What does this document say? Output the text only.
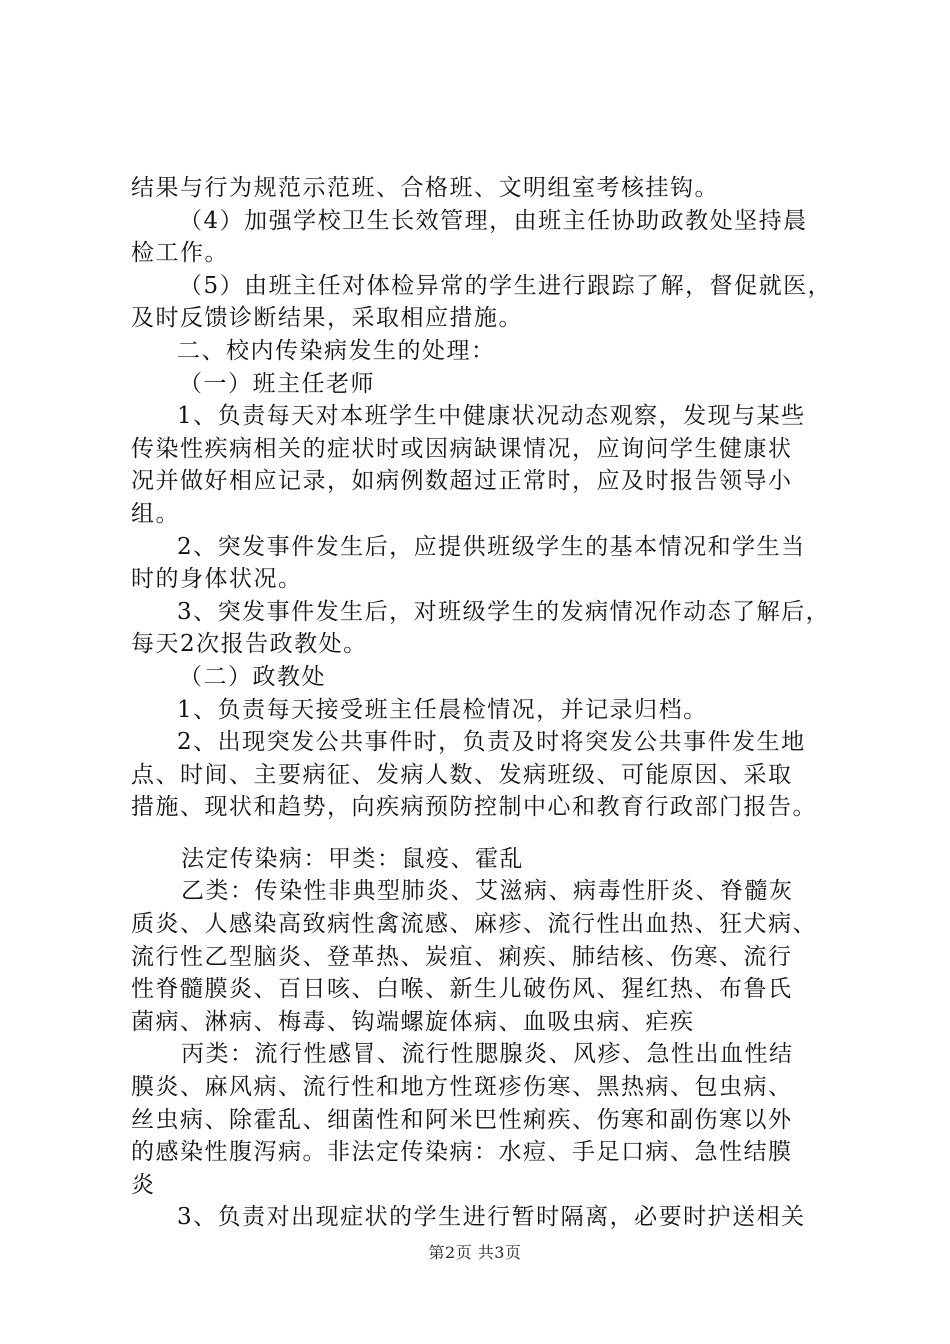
结果与行为规范示范班、合格班、文明组室考核挂钩。
（4）加强学校卫生长效管理，由班主任协助政教处坚持晨
检工作。
（5）由班主任对体检异常的学生进行跟踪了解，督促就医，
及时反馈诊断结果，采取相应措施。
二、校内传染病发生的处理：
（一）班主任老师
1、负责每天对本班学生中健康状况动态观察，发现与某些
传染性疾病相关的症状时或因病缺课情况，应询问学生健康状
况并做好相应记录，如病例数超过正常时，应及时报告领导小
组。
2、突发事件发生后，应提供班级学生的基本情况和学生当
时的身体状况。
3、突发事件发生后，对班级学生的发病情况作动态了解后，
每天2次报告政教处。
（二）政教处
1、负责每天接受班主任晨检情况，并记录归档。
2、出现突发公共事件时，负责及时将突发公共事件发生地
点、时间、主要病征、发病人数、发病班级、可能原因、采取
措施、现状和趋势，向疾病预防控制中心和教育行政部门报告。
法定传染病：甲类：鼠疫、霍乱
乙类：传染性非典型肺炎、艾滋病、病毒性肝炎、脊髓灰
质炎、人感染高致病性禽流感、麻疹、流行性出血热、狂犬病、
流行性乙型脑炎、登革热、炭疽、痢疾、肺结核、伤寒、流行
性脊髓膜炎、百日咳、白喉、新生儿破伤风、猩红热、布鲁氏
菌病、淋病、梅毒、钩端螺旋体病、血吸虫病、疟疾
丙类：流行性感冒、流行性腮腺炎、风疹、急性出血性结
膜炎、麻风病、流行性和地方性斑疹伤寒、黑热病、包虫病、
丝虫病、除霍乱、细菌性和阿米巴性痢疾、伤寒和副伤寒以外
的感染性腹泻病。非法定传染病：水痘、手足口病、急性结膜
炎
3、负责对出现症状的学生进行暂时隔离，必要时护送相关
第2页 共3页
